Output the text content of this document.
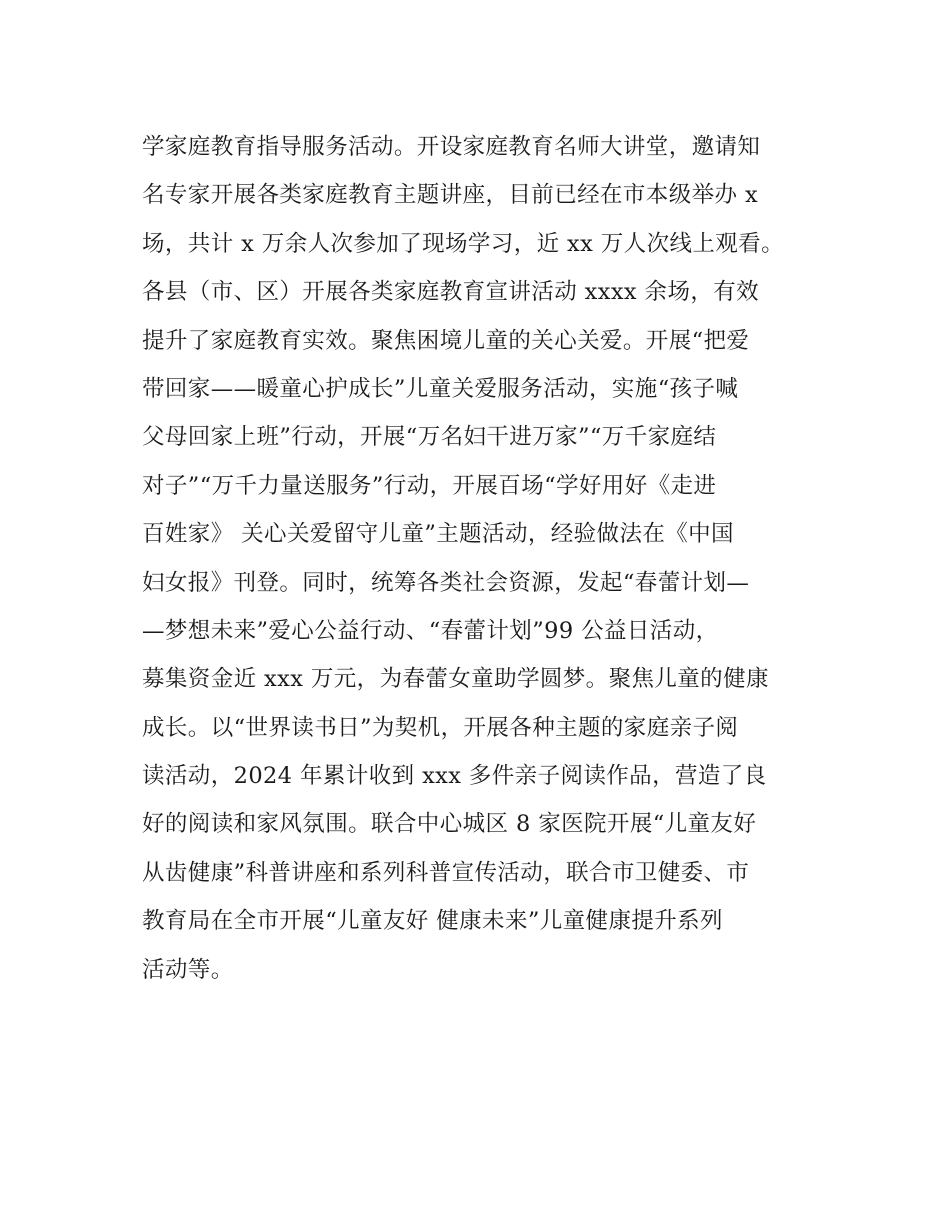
学家庭教育指导服务活动。开设家庭教育名师大讲堂，邀请知
名专家开展各类家庭教育主题讲座，目前已经在市本级举办 x
场，共计 x 万余人次参加了现场学习，近 xx 万人次线上观看。
各县（市、区）开展各类家庭教育宣讲活动 xxxx 余场，有效
提升了家庭教育实效。聚焦困境儿童的关心关爱。开展“把爱
带回家——暖童心护成长”儿童关爱服务活动，实施“孩子喊
父母回家上班”行动，开展“万名妇干进万家”“万千家庭结
对子”“万千力量送服务”行动，开展百场“学好用好《走进
百姓家》 关心关爱留守儿童”主题活动，经验做法在《中国
妇女报》刊登。同时，统筹各类社会资源，发起“春蕾计划—
—梦想未来”爱心公益行动、“春蕾计划”99 公益日活动，
募集资金近 xxx 万元，为春蕾女童助学圆梦。聚焦儿童的健康
成长。以“世界读书日”为契机，开展各种主题的家庭亲子阅
读活动，2024 年累计收到 xxx 多件亲子阅读作品，营造了良
好的阅读和家风氛围。联合中心城区 8 家医院开展“儿童友好
从齿健康”科普讲座和系列科普宣传活动，联合市卫健委、市
教育局在全市开展“儿童友好 健康未来”儿童健康提升系列
活动等。
